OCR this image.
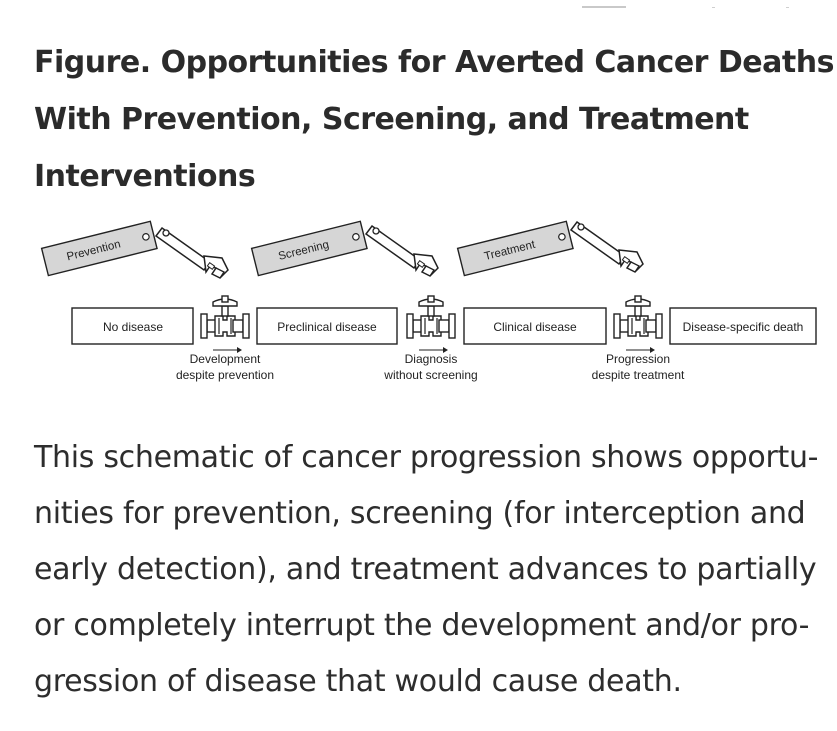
Figure. Opportunities for Averted Cancer Deaths
With Prevention, Screening, and Treatment
Interventions
Prevention	Screening	Treatment
No disease	Preclinical disease	Clinical disease	Disease-specific death
Development
despite prevention
Diagnosis
without screening
Progression
despite treatment
This schematic of cancer progression shows opportu-
nities for prevention, screening (for interception and
early detection), and treatment advances to partially
or completely interrupt the development and/or pro-
gression of disease that would cause death.
